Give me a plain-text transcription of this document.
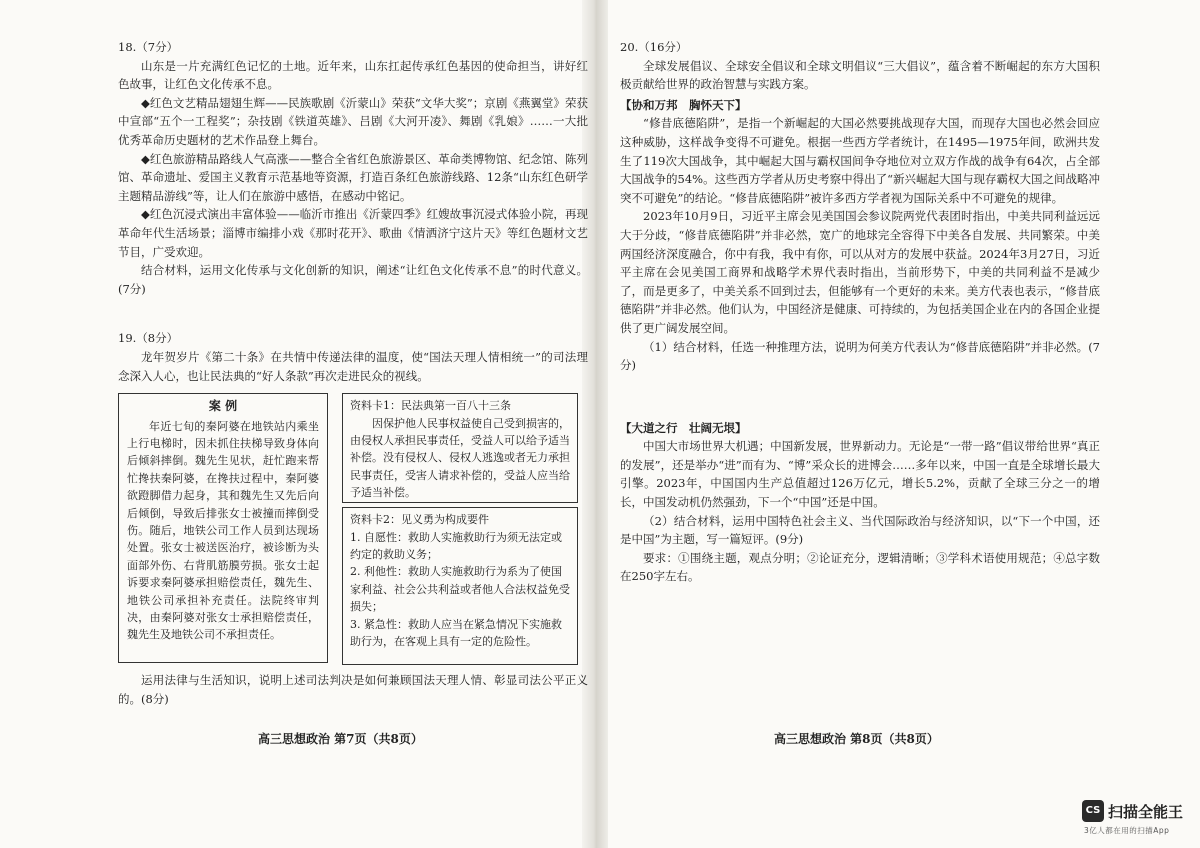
18.（7分）
山东是一片充满红色记忆的土地。近年来，山东扛起传承红色基因的使命担当，讲好红色故事，让红色文化传承不息。
◆红色文艺精品翅翅生辉——民族歌剧《沂蒙山》荣获“文华大奖”；京剧《燕翼堂》荣获中宣部“五个一工程奖”；杂技剧《铁道英雄》、吕剧《大河开凌》、舞剧《乳娘》……一大批优秀革命历史题材的艺术作品登上舞台。
◆红色旅游精品路线人气高涨——整合全省红色旅游景区、革命类博物馆、纪念馆、陈列馆、革命遗址、爱国主义教育示范基地等资源，打造百条红色旅游线路、12条“山东红色研学主题精品游线”等，让人们在旅游中感悟，在感动中铭记。
◆红色沉浸式演出丰富体验——临沂市推出《沂蒙四季》红嫂故事沉浸式体验小院，再现革命年代生活场景；淄博市编排小戏《那时花开》、歌曲《情洒济宁这片天》等红色题材文艺节目，广受欢迎。
结合材料，运用文化传承与文化创新的知识，阐述“让红色文化传承不息”的时代意义。(7分)
19.（8分）
龙年贺岁片《第二十条》在共情中传递法律的温度，使“国法天理人情相统一”的司法理念深入人心，也让民法典的“好人条款”再次走进民众的视线。
案 例
年近七旬的秦阿婆在地铁站内乘坐上行电梯时，因未抓住扶梯导致身体向后倾斜摔倒。魏先生见状，赶忙跑来帮忙搀扶秦阿婆，在搀扶过程中，秦阿婆欲蹬脚借力起身，其和魏先生又先后向后倾倒，导致后排张女士被撞而摔倒受伤。随后，地铁公司工作人员到达现场处置。张女士被送医治疗，被诊断为头面部外伤、右背肌筋膜劳损。张女士起诉要求秦阿婆承担赔偿责任，魏先生、地铁公司承担补充责任。法院终审判决，由秦阿婆对张女士承担赔偿责任，魏先生及地铁公司不承担责任。
资料卡1：民法典第一百八十三条
因保护他人民事权益使自己受到损害的，由侵权人承担民事责任，受益人可以给予适当补偿。没有侵权人、侵权人逃逸或者无力承担民事责任，受害人请求补偿的，受益人应当给予适当补偿。
资料卡2：见义勇为构成要件
1. 自愿性：救助人实施救助行为须无法定或约定的救助义务；
2. 利他性：救助人实施救助行为系为了使国家利益、社会公共利益或者他人合法权益免受损失；
3. 紧急性：救助人应当在紧急情况下实施救助行为，在客观上具有一定的危险性。
运用法律与生活知识，说明上述司法判决是如何兼顾国法天理人情、彰显司法公平正义的。(8分)
高三思想政治 第7页（共8页）
20.（16分）
全球发展倡议、全球安全倡议和全球文明倡议“三大倡议”，蕴含着不断崛起的东方大国积极贡献给世界的政治智慧与实践方案。
【协和万邦　胸怀天下】
“修昔底德陷阱”，是指一个新崛起的大国必然要挑战现存大国，而现存大国也必然会回应这种威胁，这样战争变得不可避免。根据一些西方学者统计，在1495—1975年间，欧洲共发生了119次大国战争，其中崛起大国与霸权国间争夺地位对立双方作战的战争有64次，占全部大国战争的54%。这些西方学者从历史考察中得出了“新兴崛起大国与现存霸权大国之间战略冲突不可避免”的结论。“修昔底德陷阱”被许多西方学者视为国际关系中不可避免的规律。
2023年10月9日，习近平主席会见美国国会参议院两党代表团时指出，中美共同利益远远大于分歧，“修昔底德陷阱”并非必然，宽广的地球完全容得下中美各自发展、共同繁荣。中美两国经济深度融合，你中有我，我中有你，可以从对方的发展中获益。2024年3月27日，习近平主席在会见美国工商界和战略学术界代表时指出，当前形势下，中美的共同利益不是减少了，而是更多了，中美关系不回到过去，但能够有一个更好的未来。美方代表也表示，“修昔底德陷阱”并非必然。他们认为，中国经济是健康、可持续的，为包括美国企业在内的各国企业提供了更广阔发展空间。
（1）结合材料，任选一种推理方法，说明为何美方代表认为“修昔底德陷阱”并非必然。(7分)
【大道之行　壮阔无垠】
中国大市场世界大机遇；中国新发展，世界新动力。无论是“一带一路”倡议带给世界“真正的发展”，还是举办“进”而有为、“博”采众长的进博会……多年以来，中国一直是全球增长最大引擎。2023年，中国国内生产总值超过126万亿元，增长5.2%，贡献了全球三分之一的增长，中国发动机仍然强劲，下一个“中国”还是中国。
（2）结合材料，运用中国特色社会主义、当代国际政治与经济知识，以“下一个中国，还是中国”为主题，写一篇短评。(9分)
要求：①围绕主题，观点分明；②论证充分，逻辑清晰；③学科术语使用规范；④总字数在250字左右。
高三思想政治 第8页（共8页）
CS 扫描全能王
3亿人都在用的扫描App
